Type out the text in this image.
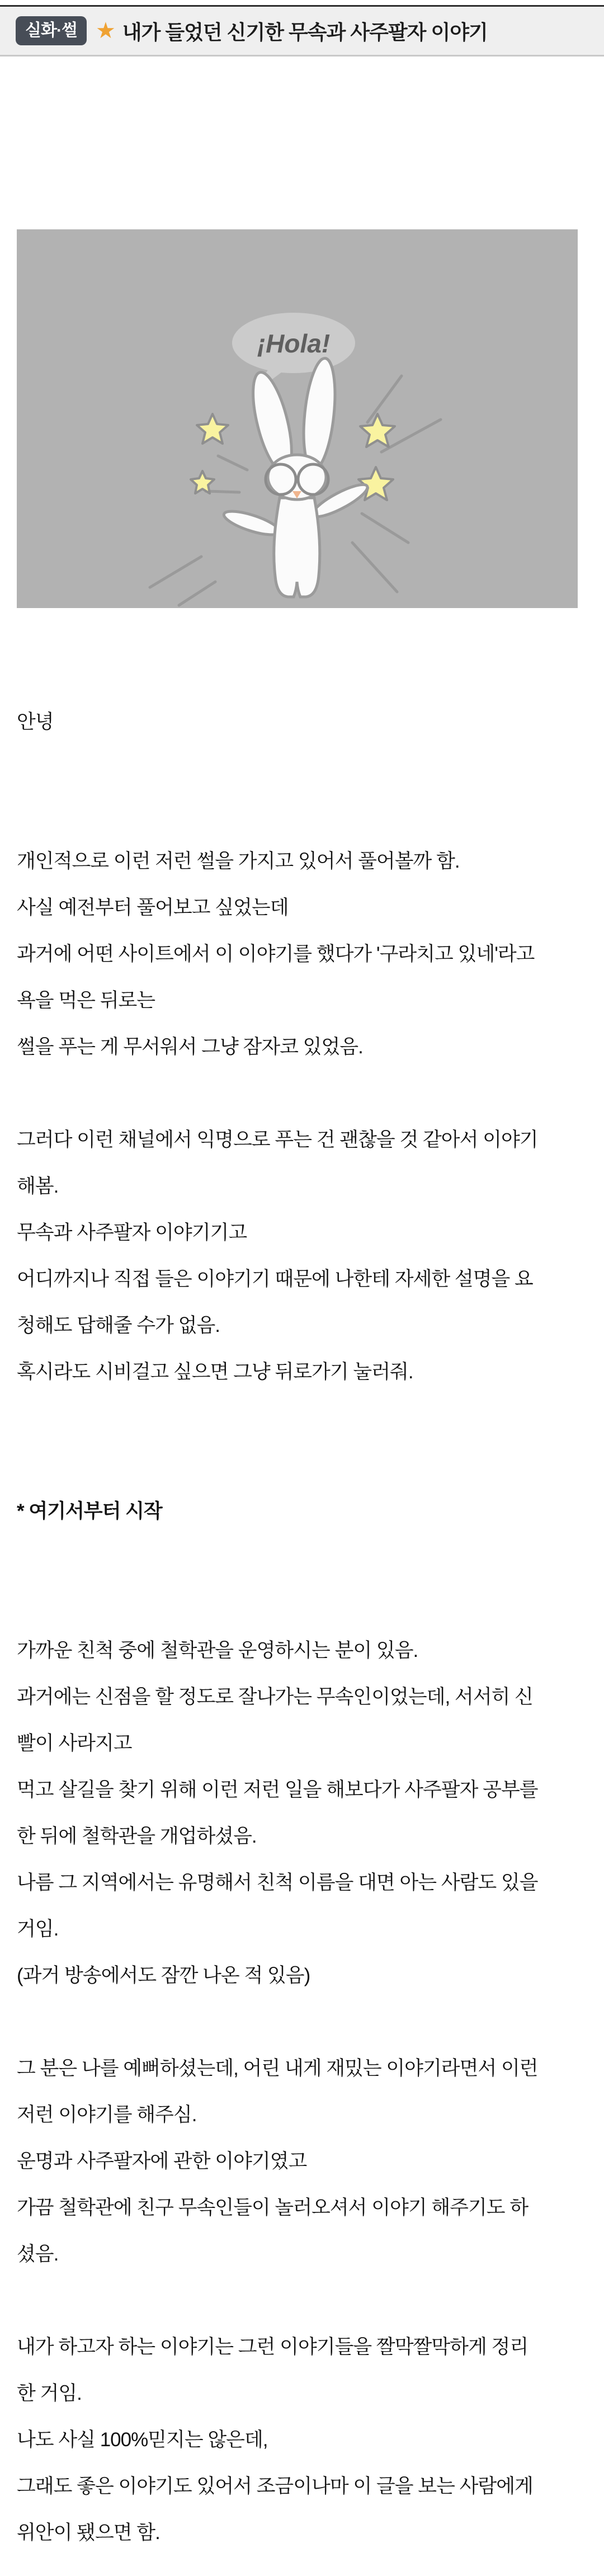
실화·썰 ★ 내가 들었던 신기한 무속과 사주팔자 이야기
¡Hola!
안녕
개인적으로 이런 저런 썰을 가지고 있어서 풀어볼까 함.
사실 예전부터 풀어보고 싶었는데
과거에 어떤 사이트에서 이 이야기를 했다가 '구라치고 있네'라고
욕을 먹은 뒤로는
썰을 푸는 게 무서워서 그냥 잠자코 있었음.
그러다 이런 채널에서 익명으로 푸는 건 괜찮을 것 같아서 이야기
해봄.
무속과 사주팔자 이야기기고
어디까지나 직접 들은 이야기기 때문에 나한테 자세한 설명을 요
청해도 답해줄 수가 없음.
혹시라도 시비걸고 싶으면 그냥 뒤로가기 눌러줘.
* 여기서부터 시작
가까운 친척 중에 철학관을 운영하시는 분이 있음.
과거에는 신점을 할 정도로 잘나가는 무속인이었는데, 서서히 신
빨이 사라지고
먹고 살길을 찾기 위해 이런 저런 일을 해보다가 사주팔자 공부를
한 뒤에 철학관을 개업하셨음.
나름 그 지역에서는 유명해서 친척 이름을 대면 아는 사람도 있을
거임.
(과거 방송에서도 잠깐 나온 적 있음)
그 분은 나를 예뻐하셨는데, 어린 내게 재밌는 이야기라면서 이런
저런 이야기를 해주심.
운명과 사주팔자에 관한 이야기였고
가끔 철학관에 친구 무속인들이 놀러오셔서 이야기 해주기도 하
셨음.
내가 하고자 하는 이야기는 그런 이야기들을 짤막짤막하게 정리
한 거임.
나도 사실 100%믿지는 않은데,
그래도 좋은 이야기도 있어서 조금이나마 이 글을 보는 사람에게
위안이 됐으면 함.
